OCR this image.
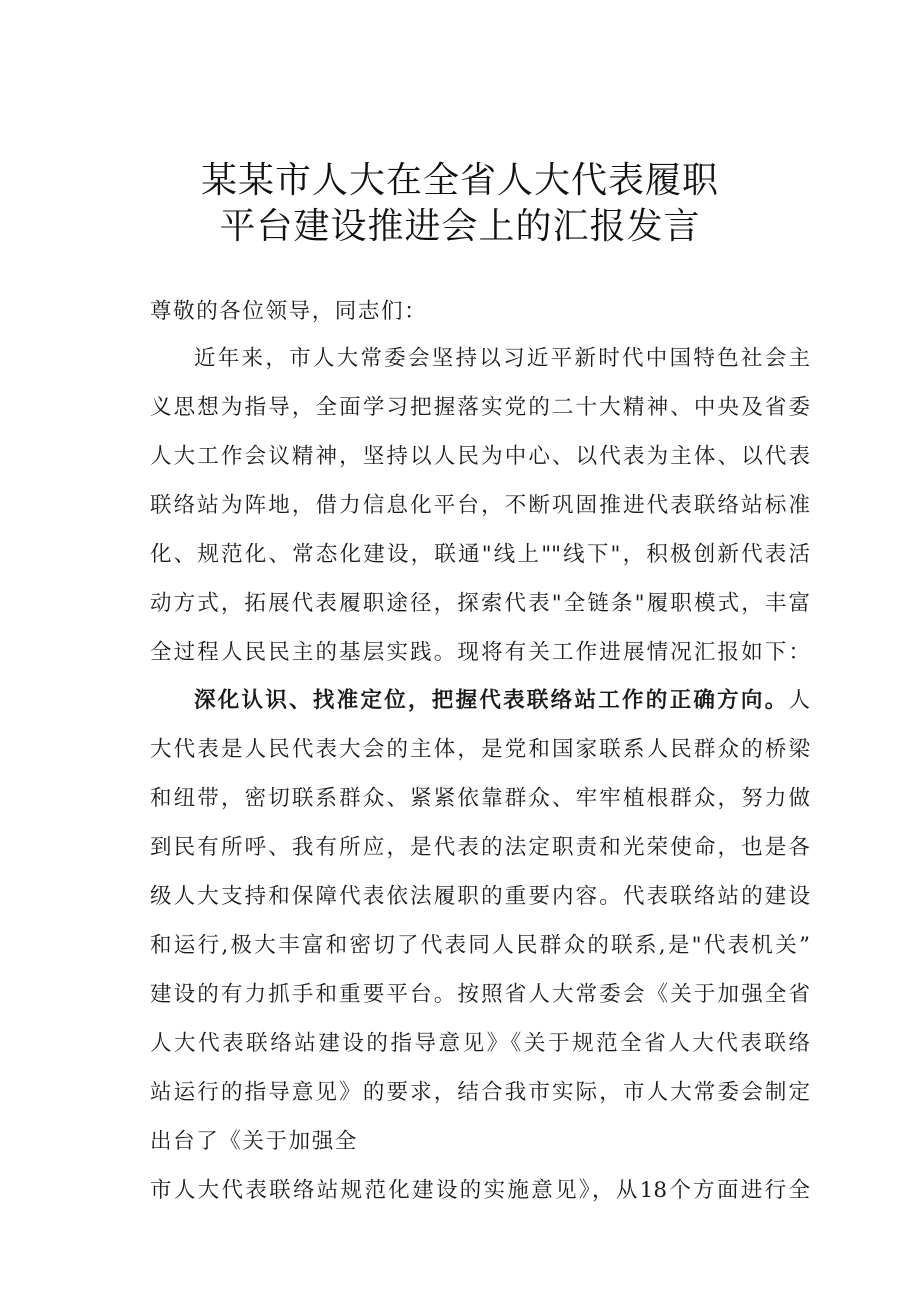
某某市人大在全省人大代表履职
平台建设推进会上的汇报发言
尊敬的各位领导，同志们：
近年来，市人大常委会坚持以习近平新时代中国特色社会主
义思想为指导，全面学习把握落实党的二十大精神、中央及省委
人大工作会议精神，坚持以人民为中心、以代表为主体、以代表
联络站为阵地，借力信息化平台，不断巩固推进代表联络站标准
化、规范化、常态化建设，联通"线上""线下"，积极创新代表活
动方式，拓展代表履职途径，探索代表"全链条"履职模式，丰富
全过程人民民主的基层实践。现将有关工作进展情况汇报如下：
深化认识、找准定位，把握代表联络站工作的正确方向。人
大代表是人民代表大会的主体，是党和国家联系人民群众的桥梁
和纽带，密切联系群众、紧紧依靠群众、牢牢植根群众，努力做
到民有所呼、我有所应，是代表的法定职责和光荣使命，也是各
级人大支持和保障代表依法履职的重要内容。代表联络站的建设
和运行,极大丰富和密切了代表同人民群众的联系,是"代表机关”
建设的有力抓手和重要平台。按照省人大常委会《关于加强全省
人大代表联络站建设的指导意见》《关于规范全省人大代表联络
站运行的指导意见》的要求，结合我市实际，市人大常委会制定
出台了《关于加强全
市人大代表联络站规范化建设的实施意见》，从18个方面进行全
